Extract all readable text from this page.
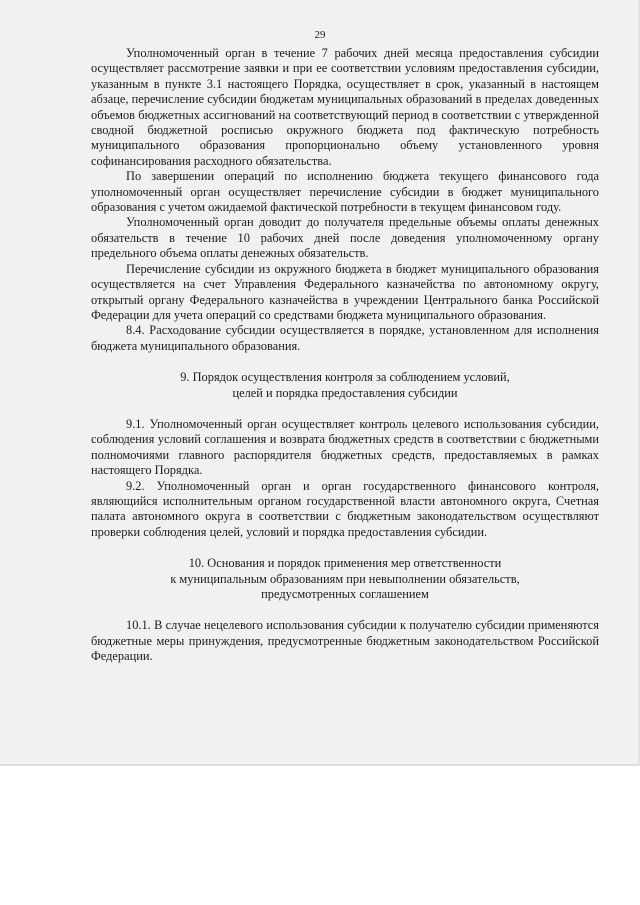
29

Уполномоченный орган в течение 7 рабочих дней месяца предоставления субсидии осуществляет рассмотрение заявки и при ее соответствии условиям предоставления субсидии, указанным в пункте 3.1 настоящего Порядка, осуществляет в срок, указанный в настоящем абзаце, перечисление субсидии бюджетам муниципальных образований в пределах доведенных объемов бюджетных ассигнований на соответствующий период в соответствии с утвержденной сводной бюджетной росписью окружного бюджета под фактическую потребность муниципального образования пропорционально объему установленного уровня софинансирования расходного обязательства.

По завершении операций по исполнению бюджета текущего финансового года уполномоченный орган осуществляет перечисление субсидии в бюджет муниципального образования с учетом ожидаемой фактической потребности в текущем финансовом году.

Уполномоченный орган доводит до получателя предельные объемы оплаты денежных обязательств в течение 10 рабочих дней после доведения уполномоченному органу предельного объема оплаты денежных обязательств.

Перечисление субсидии из окружного бюджета в бюджет муниципального образования осуществляется на счет Управления Федерального казначейства по автономному округу, открытый органу Федерального казначейства в учреждении Центрального банка Российской Федерации для учета операций со средствами бюджета муниципального образования.

8.4. Расходование субсидии осуществляется в порядке, установленном для исполнения бюджета муниципального образования.

9. Порядок осуществления контроля за соблюдением условий,
целей и порядка предоставления субсидии

9.1. Уполномоченный орган осуществляет контроль целевого использования субсидии, соблюдения условий соглашения и возврата бюджетных средств в соответствии с бюджетными полномочиями главного распорядителя бюджетных средств, предоставляемых в рамках настоящего Порядка.

9.2. Уполномоченный орган и орган государственного финансового контроля, являющийся исполнительным органом государственной власти автономного округа, Счетная палата автономного округа в соответствии с бюджетным законодательством осуществляют проверки соблюдения целей, условий и порядка предоставления субсидии.

10. Основания и порядок применения мер ответственности
к муниципальным образованиям при невыполнении обязательств,
предусмотренных соглашением

10.1. В случае нецелевого использования субсидии к получателю субсидии применяются бюджетные меры принуждения, предусмотренные бюджетным законодательством Российской Федерации.
